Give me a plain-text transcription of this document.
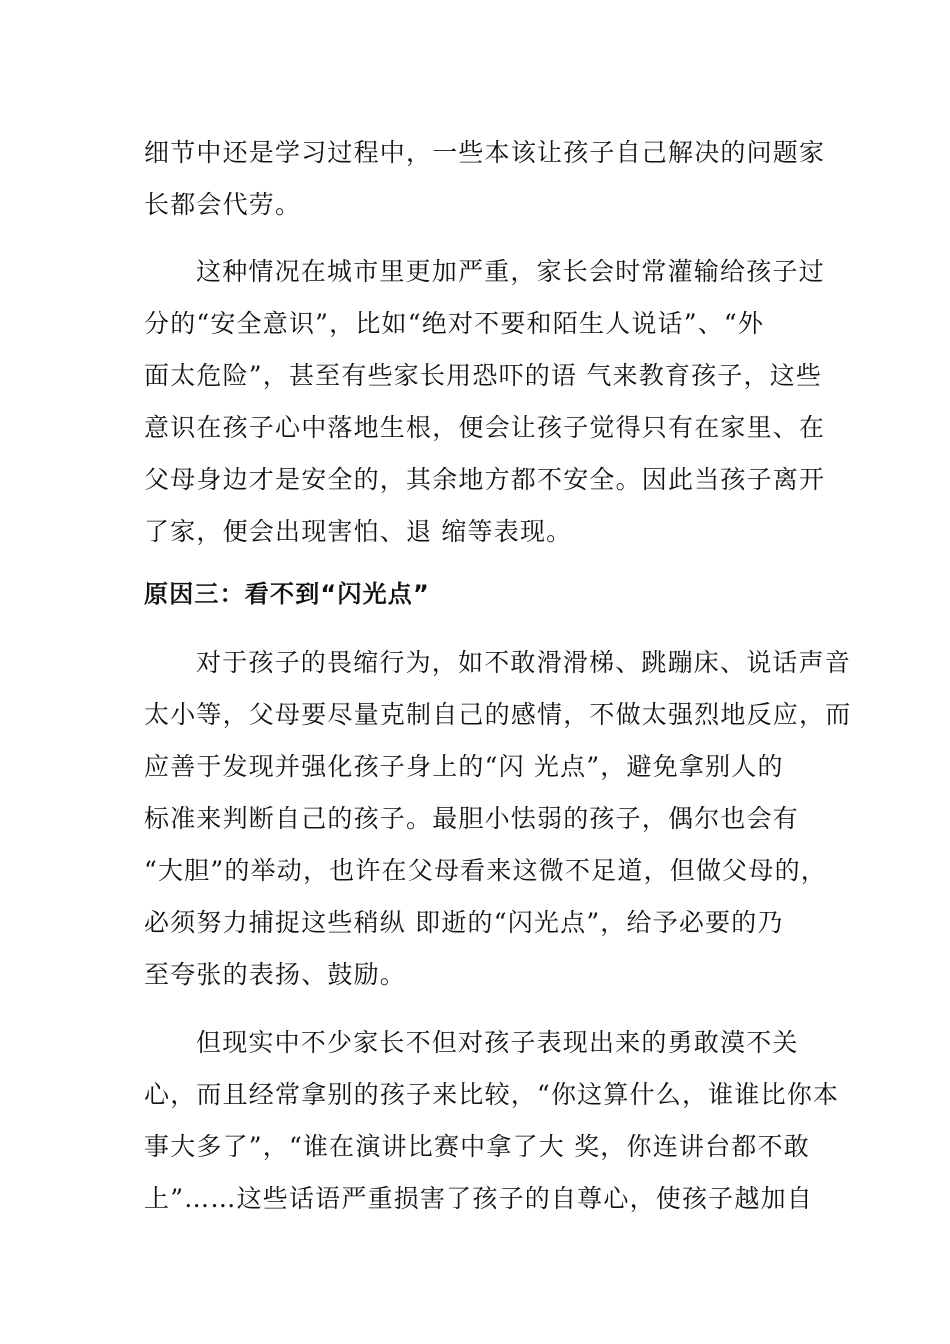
细节中还是学习过程中，一些本该让孩子自己解决的问题家
长都会代劳。
这种情况在城市里更加严重，家长会时常灌输给孩子过
分的“安全意识”，比如“绝对不要和陌生人说话”、“外
面太危险”，甚至有些家长用恐吓的语 气来教育孩子，这些
意识在孩子心中落地生根，便会让孩子觉得只有在家里、在
父母身边才是安全的，其余地方都不安全。因此当孩子离开
了家，便会出现害怕、退 缩等表现。
原因三：看不到“闪光点”
对于孩子的畏缩行为，如不敢滑滑梯、跳蹦床、说话声音
太小等，父母要尽量克制自己的感情，不做太强烈地反应，而
应善于发现并强化孩子身上的“闪 光点”，避免拿别人的
标准来判断自己的孩子。最胆小怯弱的孩子，偶尔也会有
“大胆”的举动，也许在父母看来这微不足道，但做父母的，
必须努力捕捉这些稍纵 即逝的“闪光点”，给予必要的乃
至夸张的表扬、鼓励。
但现实中不少家长不但对孩子表现出来的勇敢漠不关
心，而且经常拿别的孩子来比较，“你这算什么，谁谁比你本
事大多了”，“谁在演讲比赛中拿了大 奖，你连讲台都不敢
上”……这些话语严重损害了孩子的自尊心，使孩子越加自
